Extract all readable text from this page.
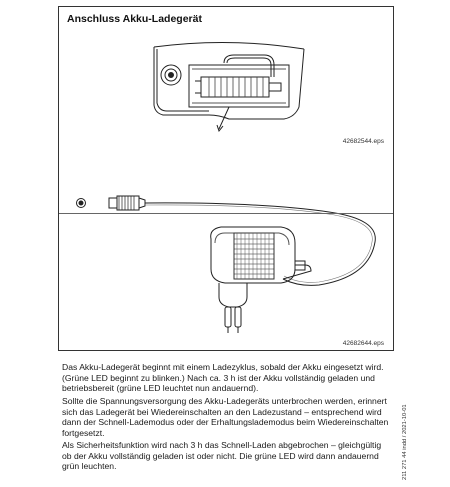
Anschluss Akku-Ladegerät
42682544.eps
42682644.eps

Das Akku-Ladegerät beginnt mit einem Ladezyklus, sobald der Akku eingesetzt wird. (Grüne LED beginnt zu blinken.) Nach ca. 3 h ist der Akku vollständig geladen und betriebsbereit (grüne LED leuchtet nun andauernd).

Sollte die Spannungsversorgung des Akku-Ladegeräts unterbrochen werden, erinnert sich das Ladegerät bei Wiedereinschalten an den Ladezustand – entsprechend wird dann der Schnell-Lademodus oder der Erhaltungslademodus beim Wiedereinschalten fortgesetzt.

Als Sicherheitsfunktion wird nach 3 h das Schnell-Laden abgebrochen – gleichgültig ob der Akku vollständig geladen ist oder nicht. Die grüne LED wird dann andauernd grün leuchten.	211 271 44 indd / 2021-10-01
